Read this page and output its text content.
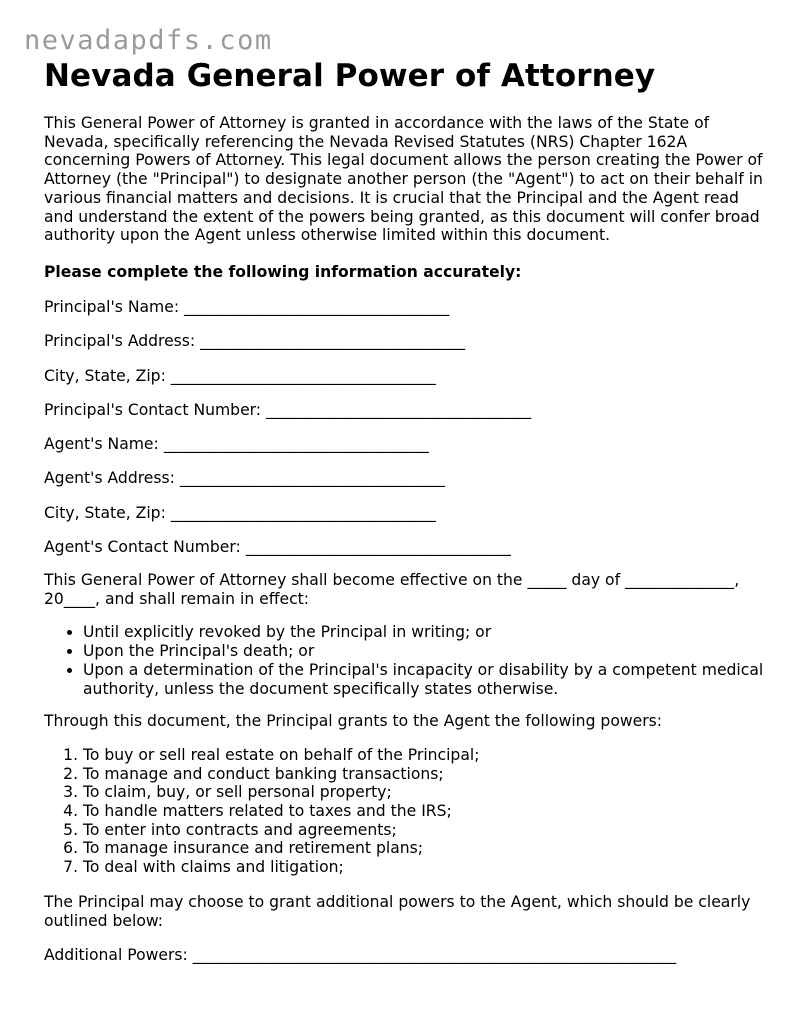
nevadapdfs.com
Nevada General Power of Attorney

This General Power of Attorney is granted in accordance with the laws of the State of Nevada, specifically referencing the Nevada Revised Statutes (NRS) Chapter 162A concerning Powers of Attorney. This legal document allows the person creating the Power of Attorney (the "Principal") to designate another person (the "Agent") to act on their behalf in various financial matters and decisions. It is crucial that the Principal and the Agent read and understand the extent of the powers being granted, as this document will confer broad authority upon the Agent unless otherwise limited within this document.

Please complete the following information accurately:

Principal's Name: __________________________________

Principal's Address: __________________________________

City, State, Zip: __________________________________

Principal's Contact Number: __________________________________

Agent's Name: __________________________________

Agent's Address: __________________________________

City, State, Zip: __________________________________

Agent's Contact Number: __________________________________

This General Power of Attorney shall become effective on the _____ day of ______________, 20____, and shall remain in effect:

• Until explicitly revoked by the Principal in writing; or
• Upon the Principal's death; or
• Upon a determination of the Principal's incapacity or disability by a competent medical authority, unless the document specifically states otherwise.

Through this document, the Principal grants to the Agent the following powers:

1. To buy or sell real estate on behalf of the Principal;
2. To manage and conduct banking transactions;
3. To claim, buy, or sell personal property;
4. To handle matters related to taxes and the IRS;
5. To enter into contracts and agreements;
6. To manage insurance and retirement plans;
7. To deal with claims and litigation;

The Principal may choose to grant additional powers to the Agent, which should be clearly outlined below:

Additional Powers: ______________________________________________________________
